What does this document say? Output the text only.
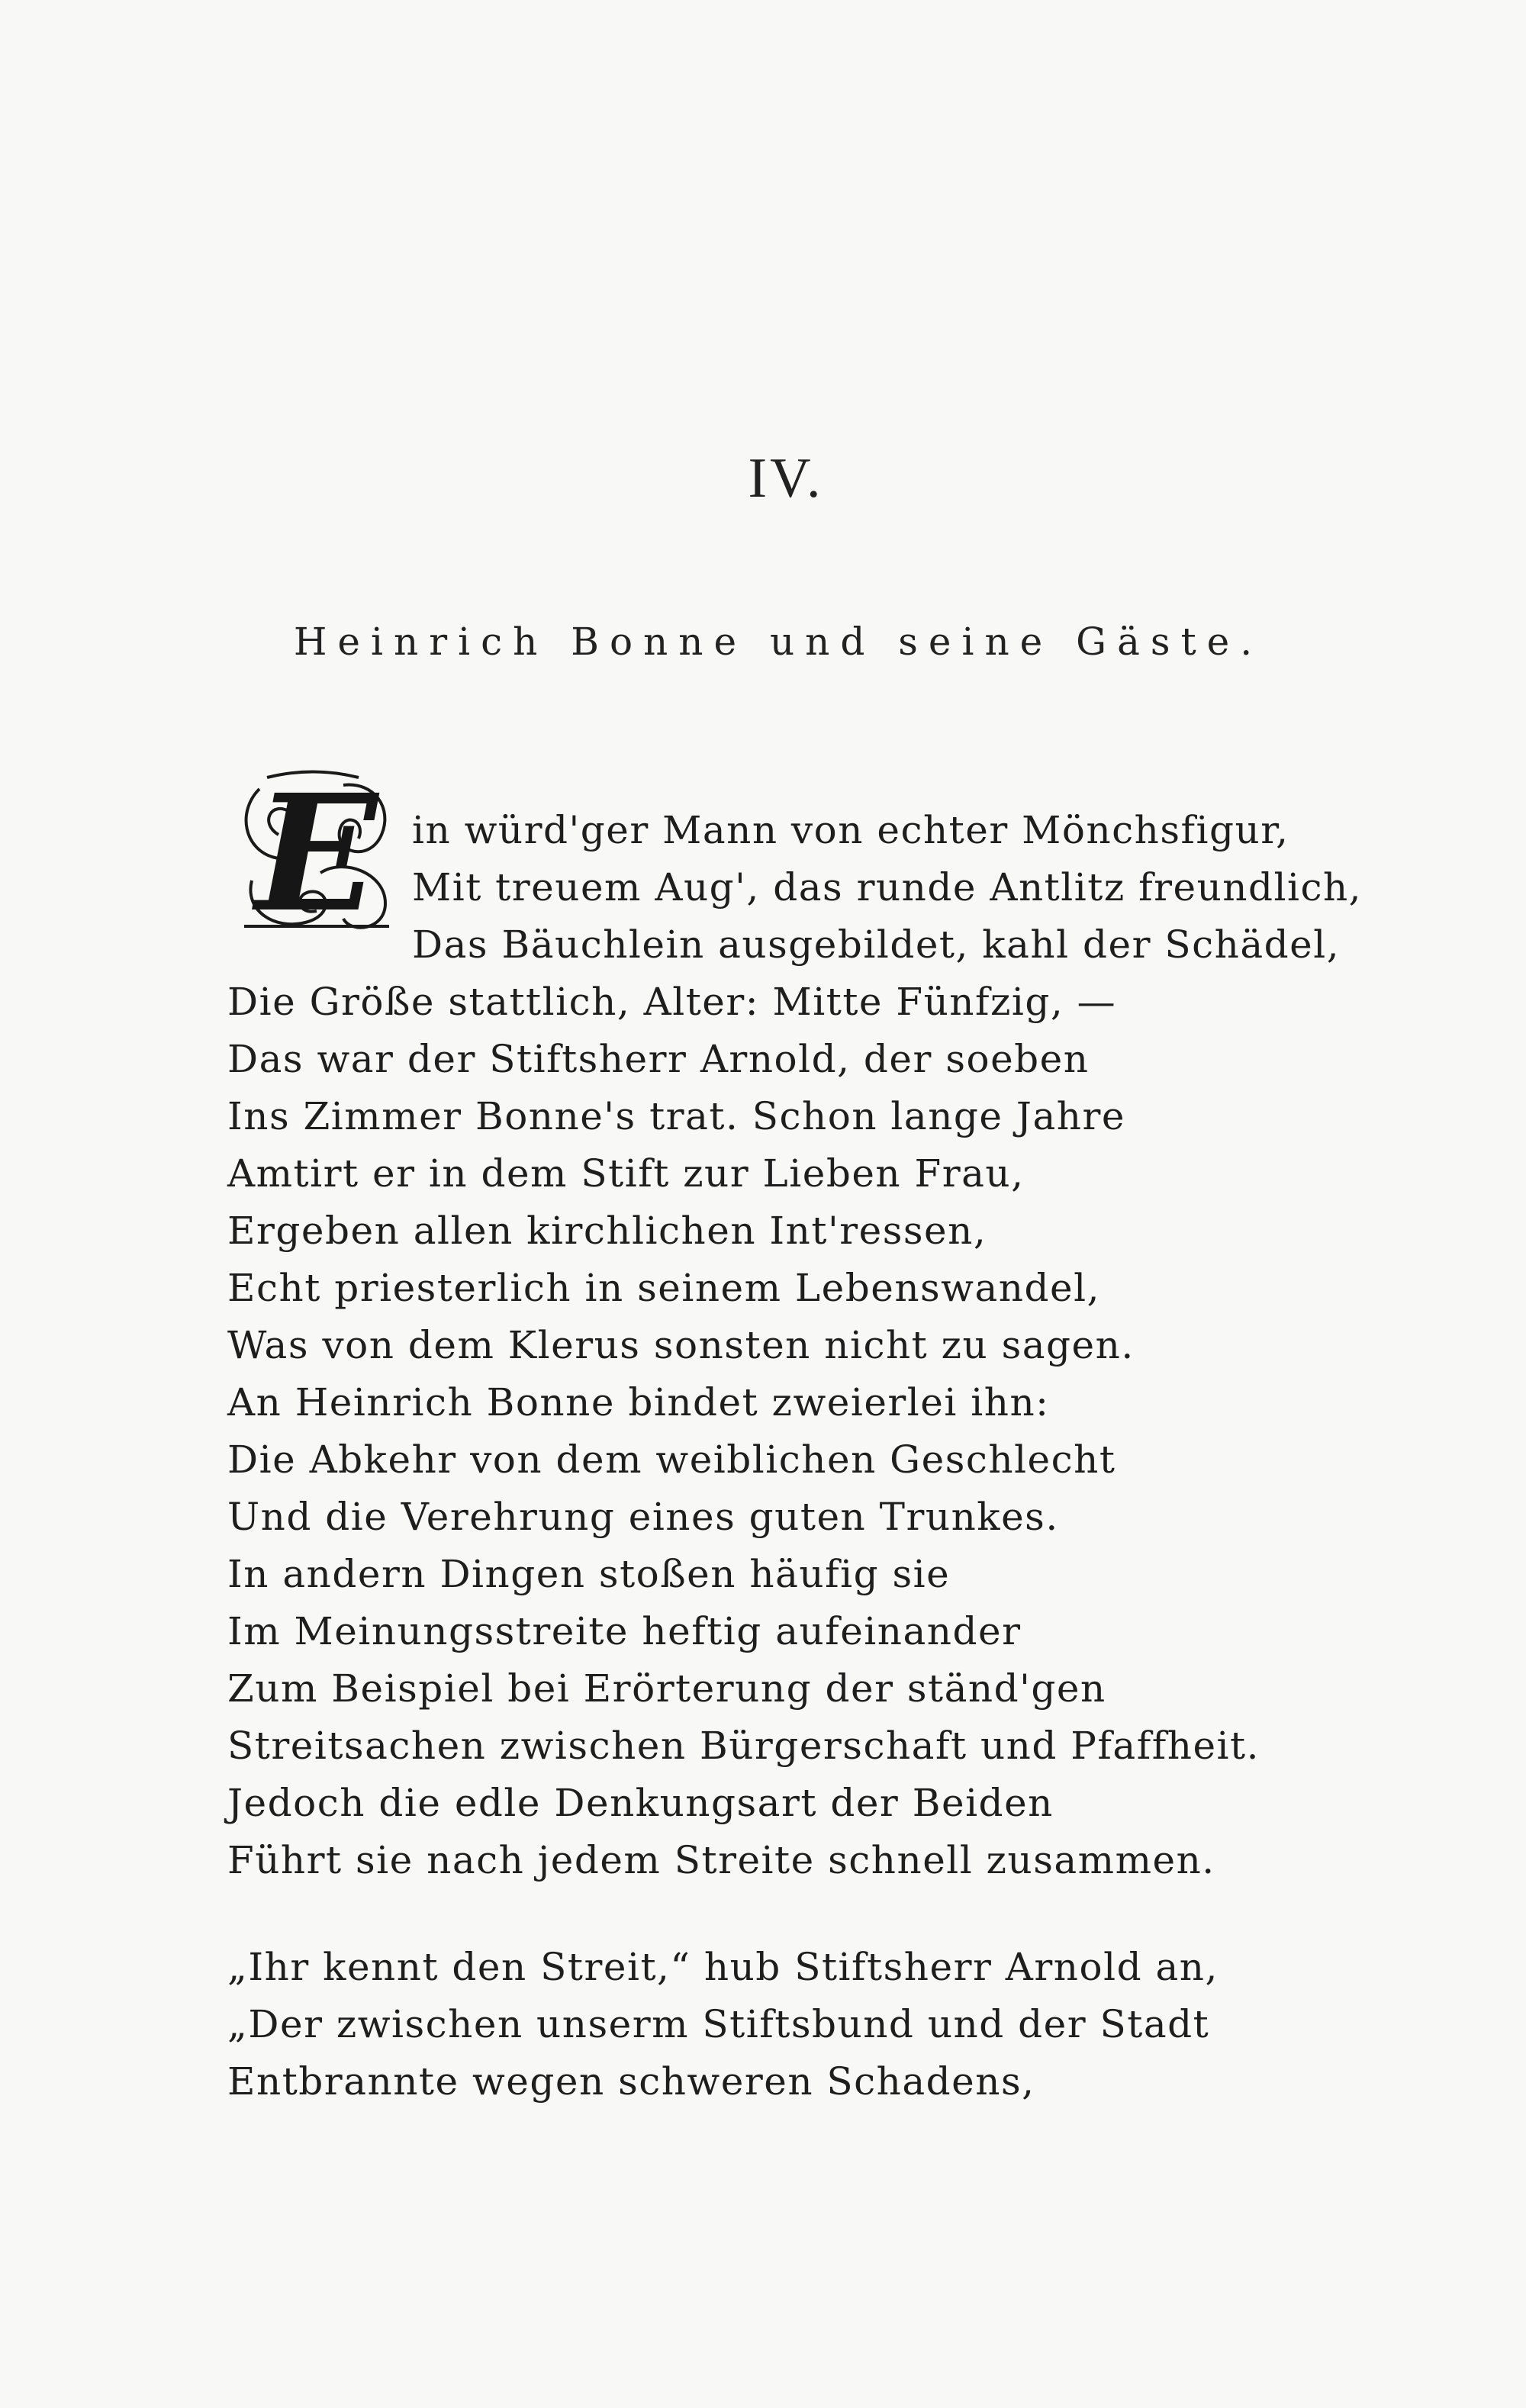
IV.
Heinrich Bonne und seine Gäste.
E in würd'ger Mann von echter Mönchsfigur,
Mit treuem Aug', das runde Antlitz freundlich,
Das Bäuchlein ausgebildet, kahl der Schädel,
Die Größe stattlich, Alter: Mitte Fünfzig, —
Das war der Stiftsherr Arnold, der soeben
Ins Zimmer Bonne's trat. Schon lange Jahre
Amtirt er in dem Stift zur Lieben Frau,
Ergeben allen kirchlichen Int'ressen,
Echt priesterlich in seinem Lebenswandel,
Was von dem Klerus sonsten nicht zu sagen.
An Heinrich Bonne bindet zweierlei ihn:
Die Abkehr von dem weiblichen Geschlecht
Und die Verehrung eines guten Trunkes.
In andern Dingen stoßen häufig sie
Im Meinungsstreite heftig aufeinander
Zum Beispiel bei Erörterung der ständ'gen
Streitsachen zwischen Bürgerschaft und Pfaffheit.
Jedoch die edle Denkungsart der Beiden
Führt sie nach jedem Streite schnell zusammen.
„Ihr kennt den Streit,“ hub Stiftsherr Arnold an,
„Der zwischen unserm Stiftsbund und der Stadt
Entbrannte wegen schweren Schadens,
